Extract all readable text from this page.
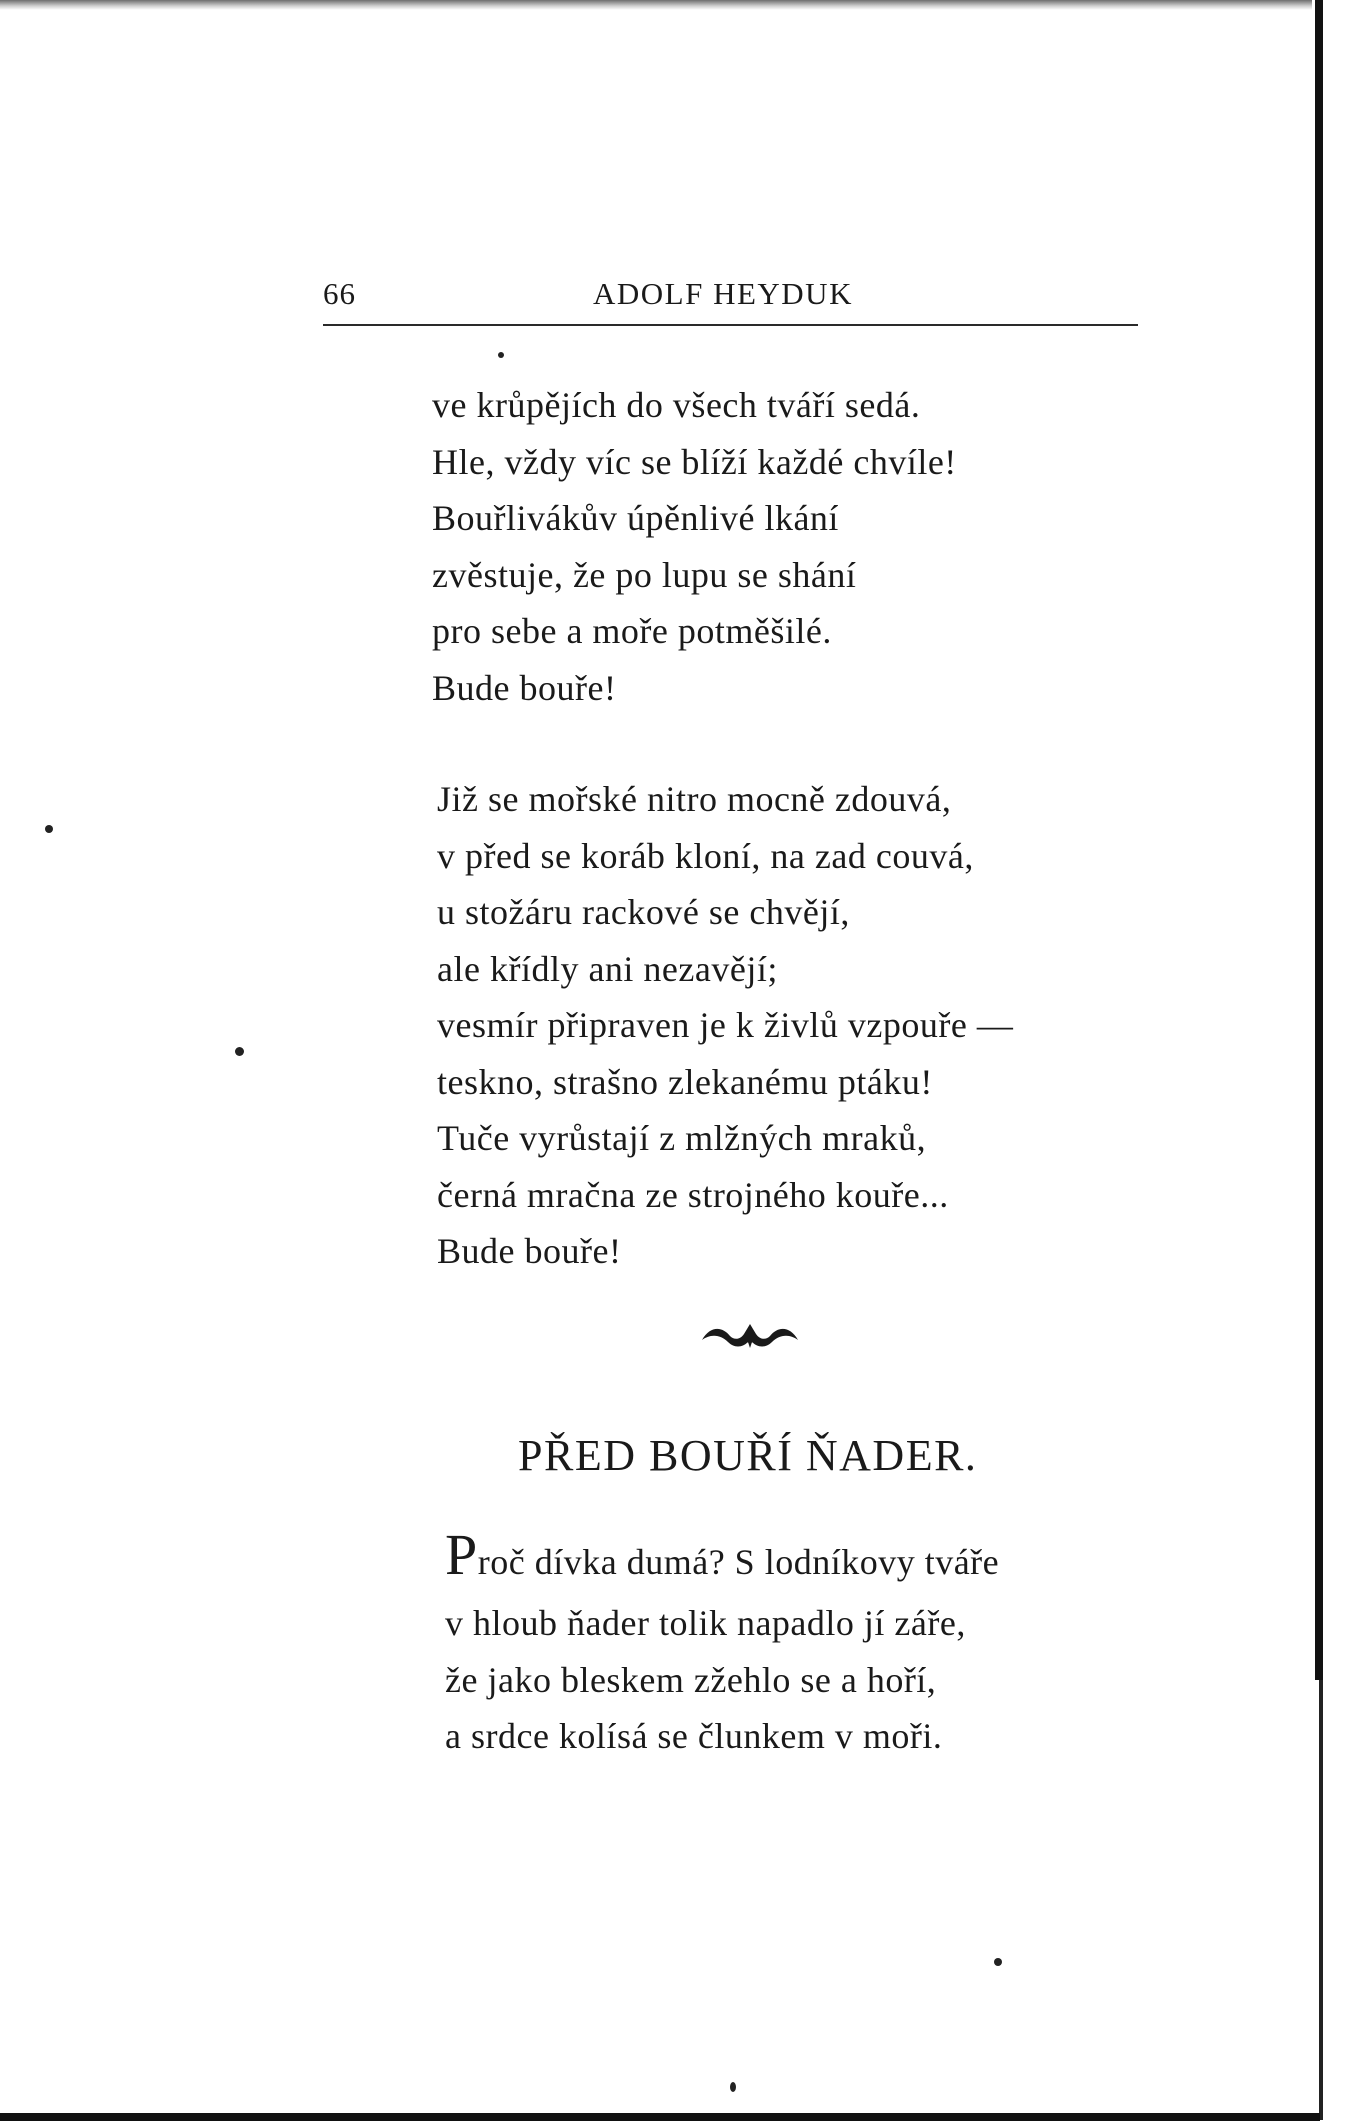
66	ADOLF HEYDUK
ve krůpějích do všech tváří sedá.
Hle, vždy víc se blíží každé chvíle!
Bouřlivákův úpěnlivé lkání
zvěstuje, že po lupu se shání
pro sebe a moře potměšilé.
Bude bouře!
Již se mořské nitro mocně zdouvá,
v před se koráb kloní, na zad couvá,
u stožáru rackové se chvějí,
ale křídly ani nezavějí;
vesmír připraven je k živlů vzpouře —
teskno, strašno zlekanému ptáku!
Tuče vyrůstají z mlžných mraků,
černá mračna ze strojného kouře...
Bude bouře!
PŘED BOUŘÍ ŇADER.
Proč dívka dumá? S lodníkovy tváře
v hloub ňader tolik napadlo jí záře,
že jako bleskem zžehlo se a hoří,
a srdce kolísá se člunkem v moři.
